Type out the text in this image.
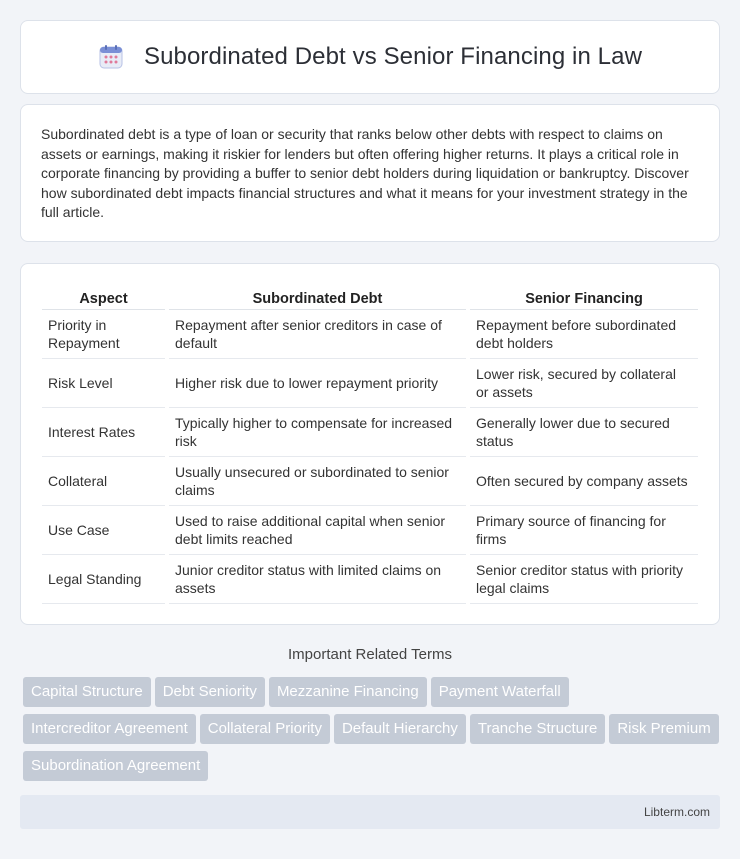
Subordinated Debt vs Senior Financing in Law

Subordinated debt is a type of loan or security that ranks below other debts with respect to claims on assets or earnings, making it riskier for lenders but often offering higher returns. It plays a critical role in corporate financing by providing a buffer to senior debt holders during liquidation or bankruptcy. Discover how subordinated debt impacts financial structures and what it means for your investment strategy in the full article.

Aspect	Subordinated Debt	Senior Financing
Priority in Repayment	Repayment after senior creditors in case of default	Repayment before subordinated debt holders
Risk Level	Higher risk due to lower repayment priority	Lower risk, secured by collateral or assets
Interest Rates	Typically higher to compensate for increased risk	Generally lower due to secured status
Collateral	Usually unsecured or subordinated to senior claims	Often secured by company assets
Use Case	Used to raise additional capital when senior debt limits reached	Primary source of financing for firms
Legal Standing	Junior creditor status with limited claims on assets	Senior creditor status with priority legal claims
Important Related Terms
Capital Structure Debt Seniority Mezzanine Financing Payment WaterfallIntercreditor Agreement Collateral Priority Default Hierarchy Tranche Structure Risk PremiumSubordination Agreement
Libterm.com
